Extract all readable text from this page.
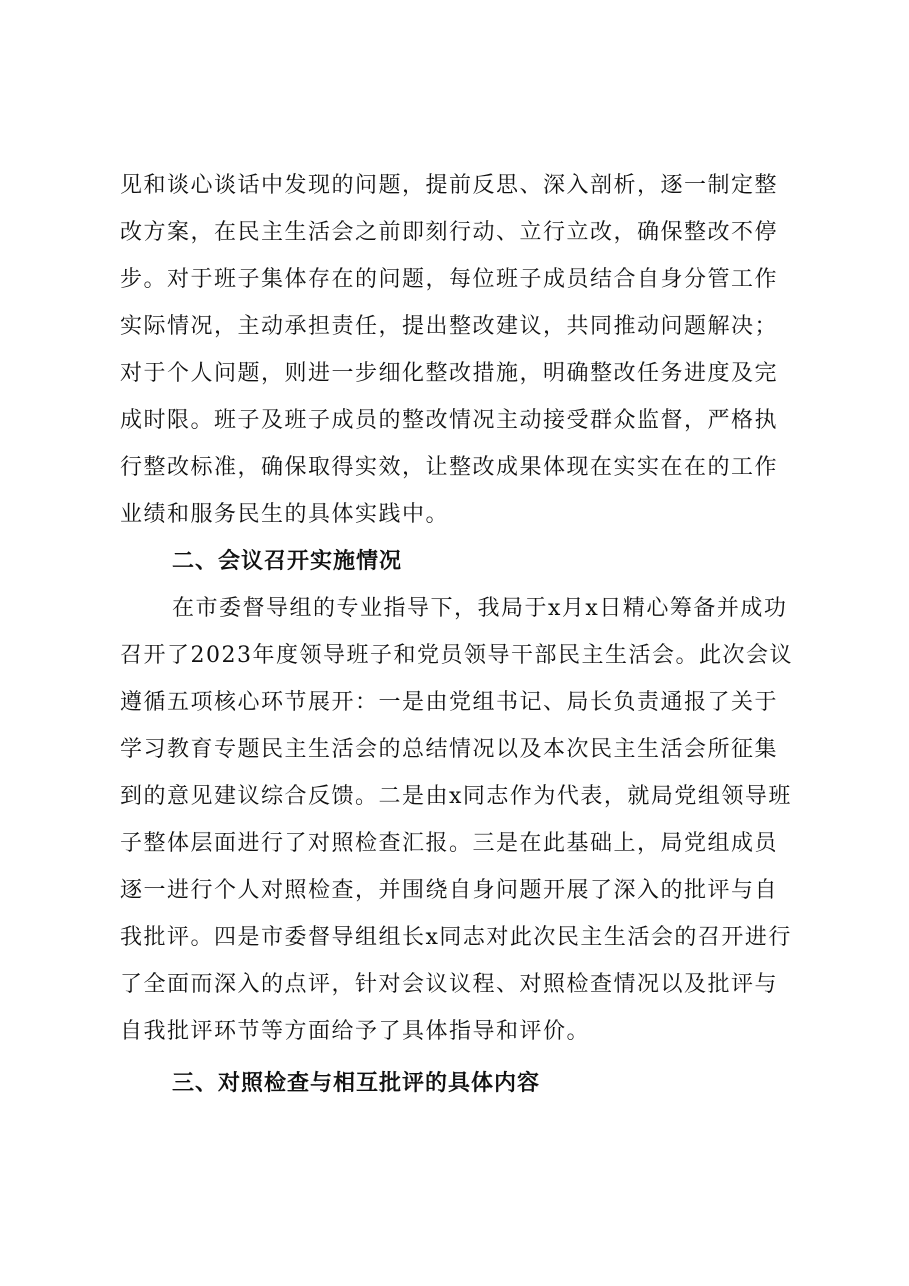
见和谈心谈话中发现的问题，提前反思、深入剖析，逐一制定整
改方案，在民主生活会之前即刻行动、立行立改，确保整改不停
步。对于班子集体存在的问题，每位班子成员结合自身分管工作
实际情况，主动承担责任，提出整改建议，共同推动问题解决；
对于个人问题，则进一步细化整改措施，明确整改任务进度及完
成时限。班子及班子成员的整改情况主动接受群众监督，严格执
行整改标准，确保取得实效，让整改成果体现在实实在在的工作
业绩和服务民生的具体实践中。
二、会议召开实施情况
在市委督导组的专业指导下，我局于x月x日精心筹备并成功
召开了2023年度领导班子和党员领导干部民主生活会。此次会议
遵循五项核心环节展开：一是由党组书记、局长负责通报了关于
学习教育专题民主生活会的总结情况以及本次民主生活会所征集
到的意见建议综合反馈。二是由x同志作为代表，就局党组领导班
子整体层面进行了对照检查汇报。三是在此基础上，局党组成员
逐一进行个人对照检查，并围绕自身问题开展了深入的批评与自
我批评。四是市委督导组组长x同志对此次民主生活会的召开进行
了全面而深入的点评，针对会议议程、对照检查情况以及批评与
自我批评环节等方面给予了具体指导和评价。
三、对照检查与相互批评的具体内容
